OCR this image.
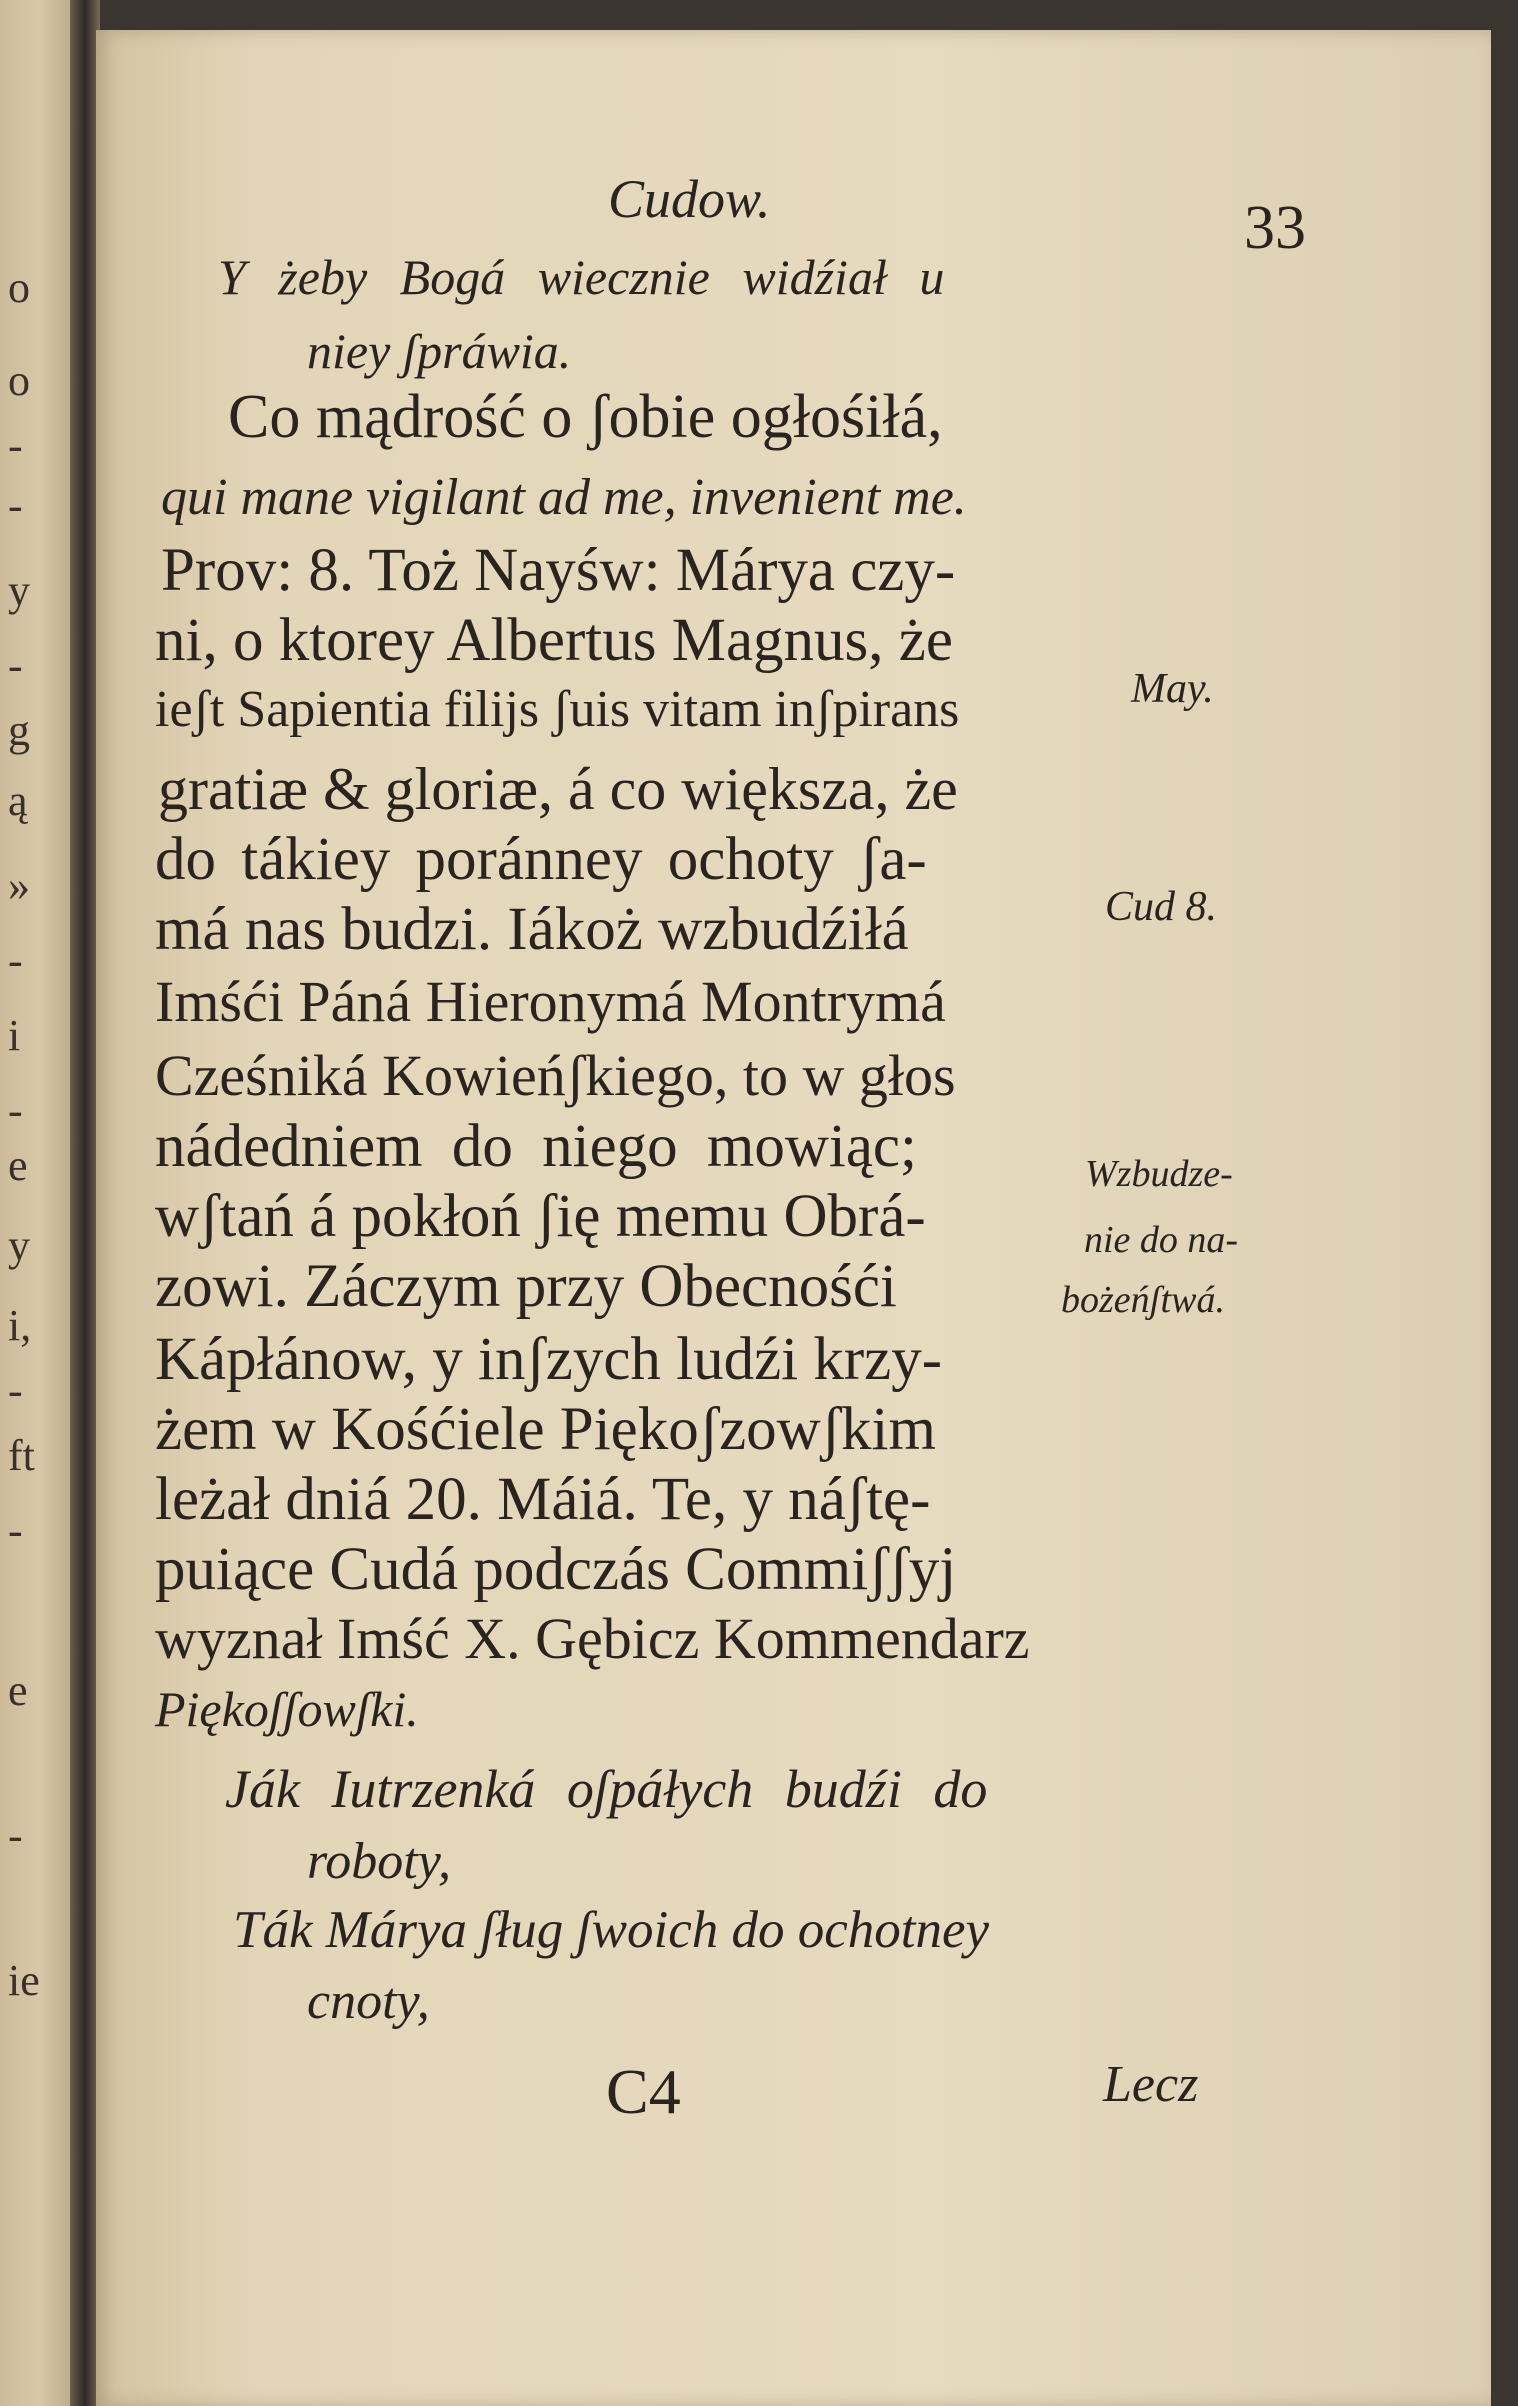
o
o
-
-
y
-
g
ą
»
-
i
-
e
y
i,
-
ft
-
e
-
ie
Cudow.	33
Y żeby Bogá wiecznie widźiał u
niey ʃpráwia.
Co mądrość o ʃobie ogłośiłá,
qui mane vigilant ad me, invenient me.
Prov: 8. Toż Nayśw: Márya czy-
ni, o ktorey Albertus Magnus, że
ieʃt Sapientia filijs ʃuis vitam inʃpirans
gratiæ & gloriæ, á co większa, że
do tákiey poránney ochoty ʃa-
má nas budzi. Iákoż wzbudźiłá
Imśći Páná Hieronymá Montrymá
Cześniká Kowieńʃkiego, to w głos
nádedniem do niego mowiąc;
wʃtań á pokłoń ʃię memu Obrá-
zowi. Záczym przy Obecnośći
Kápłánow, y inʃzych ludźi krzy-
żem w Kośćiele Piękoʃzowʃkim
leżał dniá 20. Máiá. Te, y náʃtę-
puiące Cudá podczás Commiʃʃyj
wyznał Imść X. Gębicz Kommendarz
Piękoʃʃowʃki.
Ják Iutrzenká oʃpáłych budźi do
roboty,
Ták Márya ʃług ʃwoich do ochotney
cnoty,
May.
Cud 8.
Wzbudze-
nie do na-
bożeńʃtwá.
C4	Lecz
